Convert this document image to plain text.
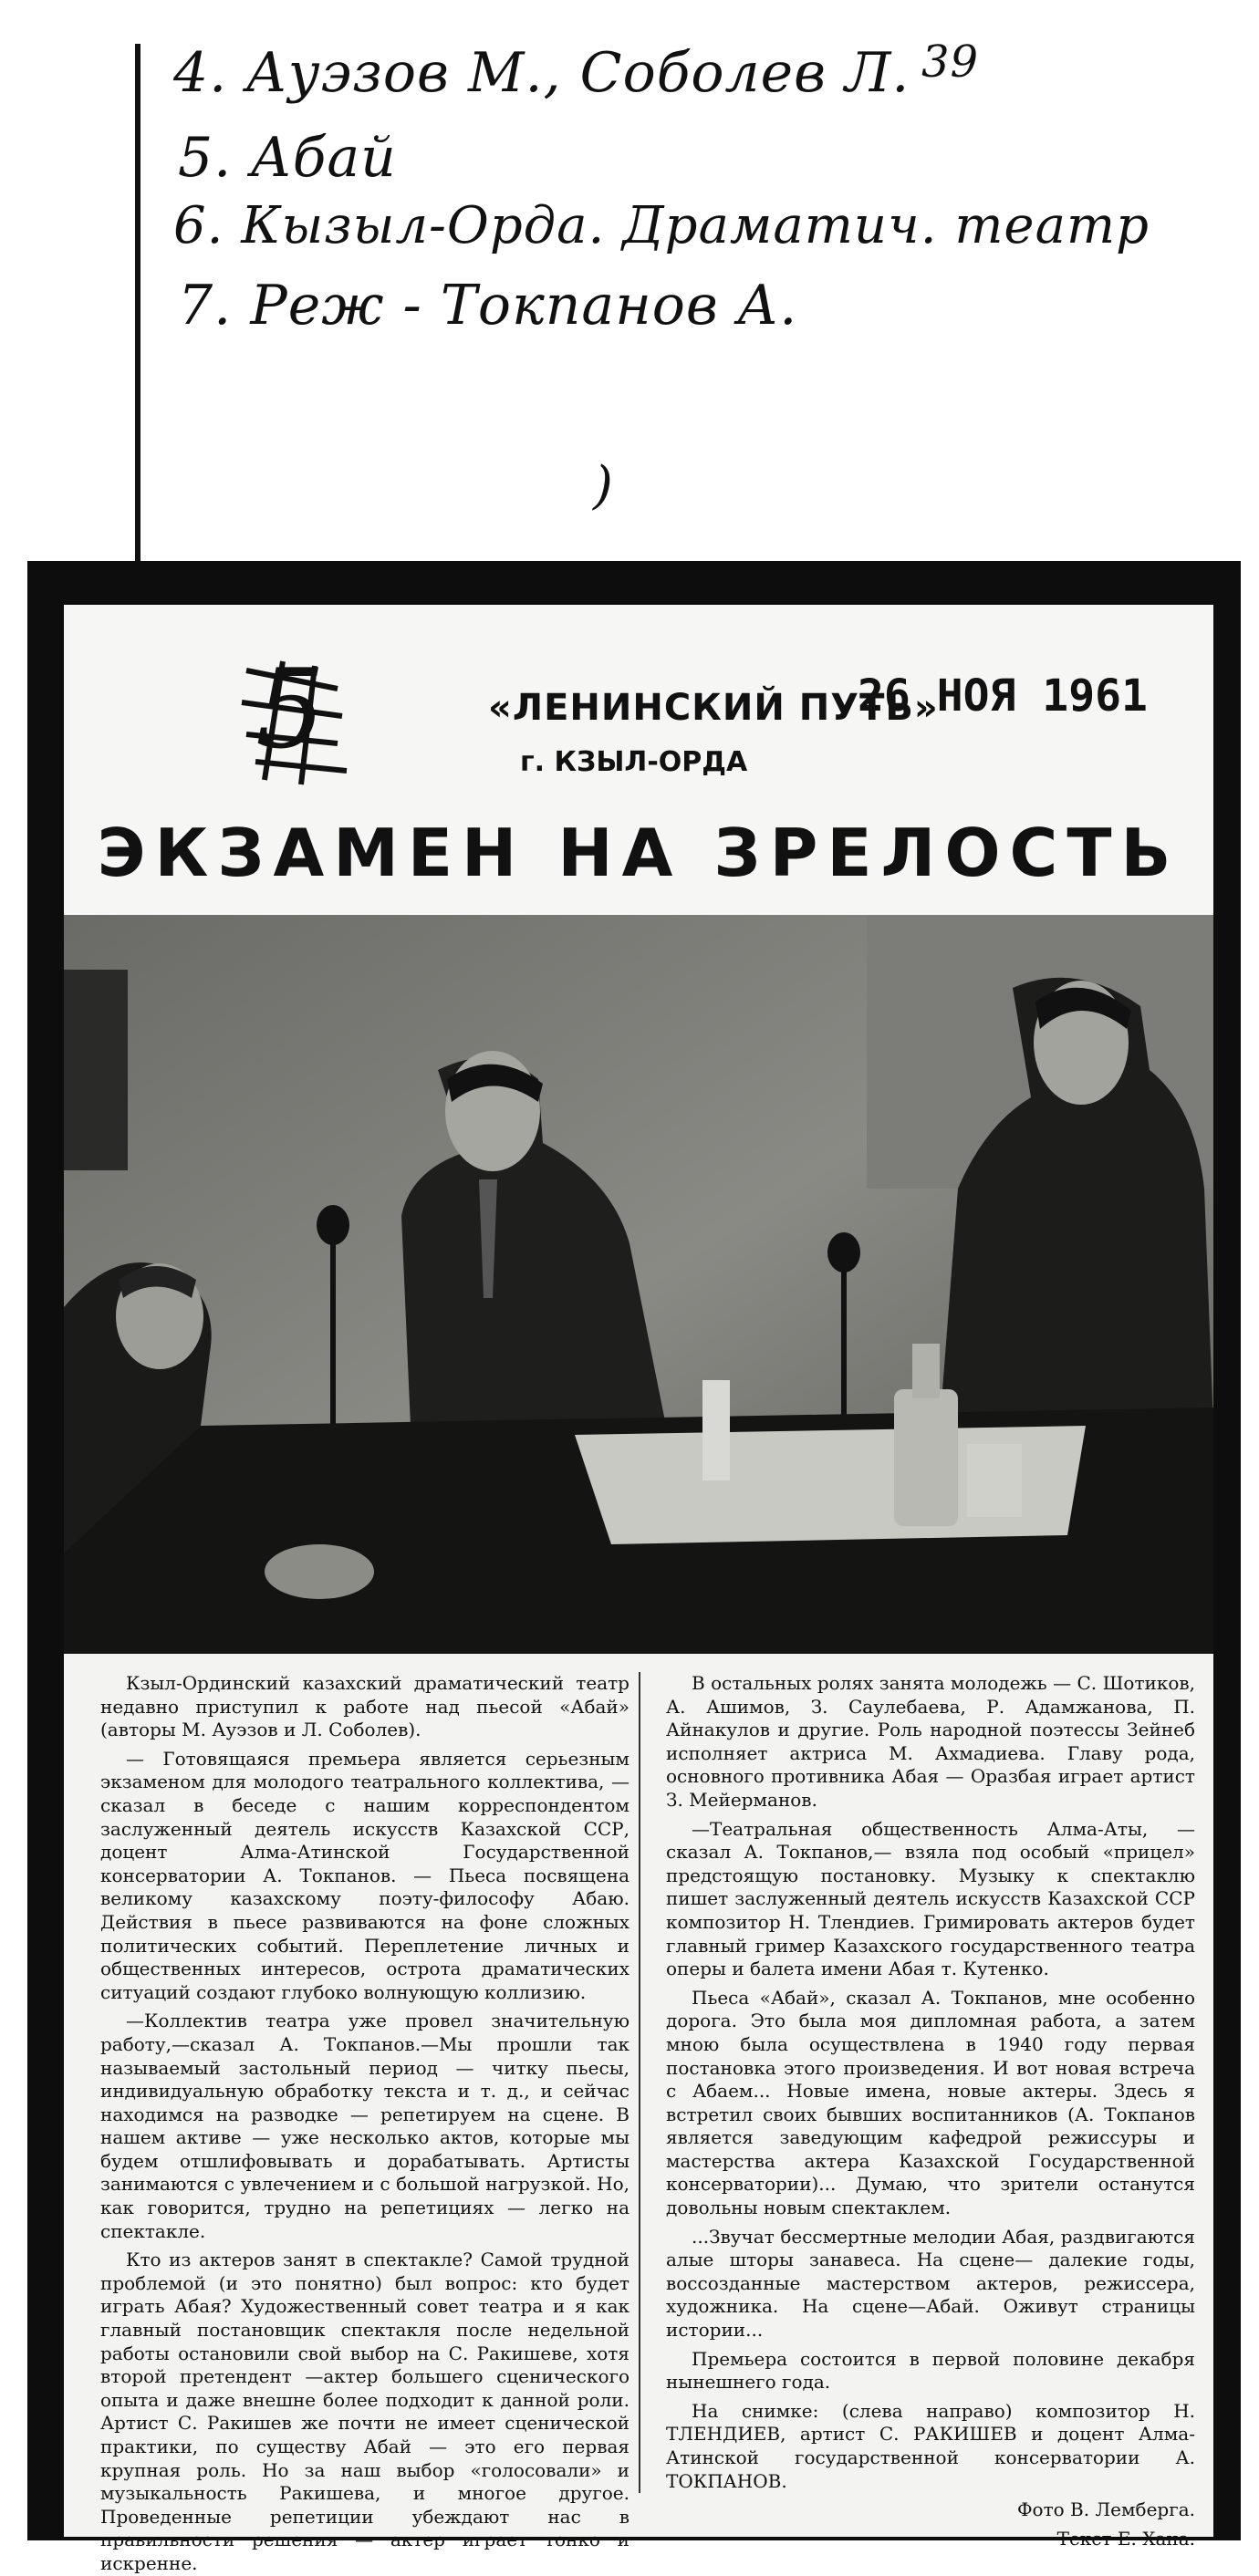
39
4. Ауэзов М., Соболев Л.
5. Абай
6. Кызыл-Орда. Драматич. театр
7. Реж - Токпанов А.
)
5	«ЛЕНИНСКИЙ ПУТЬ»
г. КЗЫЛ-ОРДА
26 НОЯ 1961
ЭКЗАМЕН НА ЗРЕЛОСТЬ

Кзыл-Ординский казахский драматический театр недавно приступил к работе над пьесой «Абай» (авторы М. Ауэзов и Л. Соболев).

— Готовящаяся премьера является серьезным экзаменом для молодого театрального коллектива, — сказал в беседе с нашим корреспондентом заслуженный деятель искусств Казахской ССР, доцент Алма-Атинской Государственной консерватории А. Токпанов. — Пьеса посвящена великому казахскому поэту-философу Абаю. Действия в пьесе развиваются на фоне сложных политических событий. Переплетение личных и общественных интересов, острота драматических ситуаций создают глубоко волнующую коллизию.

—Коллектив театра уже провел значительную работу,—сказал А. Токпанов.—Мы прошли так называемый застольный период — читку пьесы, индивидуальную обработку текста и т. д., и сейчас находимся на разводке — репетируем на сцене. В нашем активе — уже несколько актов, которые мы будем отшлифовывать и дорабатывать. Артисты занимаются с увлечением и с большой нагрузкой. Но, как говорится, трудно на репетициях — легко на спектакле.

Кто из актеров занят в спектакле? Самой трудной проблемой (и это понятно) был вопрос: кто будет играть Абая? Художественный совет театра и я как главный постановщик спектакля после недельной работы остановили свой выбор на С. Ракишеве, хотя второй претендент —актер большего сценического опыта и даже внешне более подходит к данной роли. Артист С. Ракишев же почти не имеет сценической практики, по существу Абай — это его первая крупная роль. Но за наш выбор «голосовали» и музыкальность Ракишева, и многое другое. Проведенные репетиции убеждают нас в правильности решения — актер играет тонко и искренне.

В остальных ролях занята молодежь — С. Шотиков, А. Ашимов, З. Саулебаева, Р. Адамжанова, П. Айнакулов и другие. Роль народной поэтессы Зейнеб исполняет актриса М. Ахмадиева. Главу рода, основного противника Абая — Оразбая играет артист З. Мейерманов.

—Театральная общественность Алма-Аты, — сказал А. Токпанов,— взяла под особый «прицел» предстоящую постановку. Музыку к спектаклю пишет заслуженный деятель искусств Казахской ССР композитор Н. Тлендиев. Гримировать актеров будет главный гример Казахского государственного театра оперы и балета имени Абая т. Кутенко.

Пьеса «Абай», сказал А. Токпанов, мне особенно дорога. Это была моя дипломная работа, а затем мною была осуществлена в 1940 году первая постановка этого произведения. И вот новая встреча с Абаем... Новые имена, новые актеры. Здесь я встретил своих бывших воспитанников (А. Токпанов является заведующим кафедрой режиссуры и мастерства актера Казахской Государственной консерватории)... Думаю, что зрители останутся довольны новым спектаклем.

...Звучат бессмертные мелодии Абая, раздвигаются алые шторы занавеса. На сцене— далекие годы, воссозданные мастерством актеров, режиссера, художника. На сцене—Абай. Оживут страницы истории...

Премьера состоится в первой половине декабря нынешнего года.

На снимке: (слева направо) композитор Н. ТЛЕНДИЕВ, артист С. РАКИШЕВ и доцент Алма-Атинской государственной консерватории А. ТОКПАНОВ.

Фото В. Лемберга.

Текст Е. Хана.
